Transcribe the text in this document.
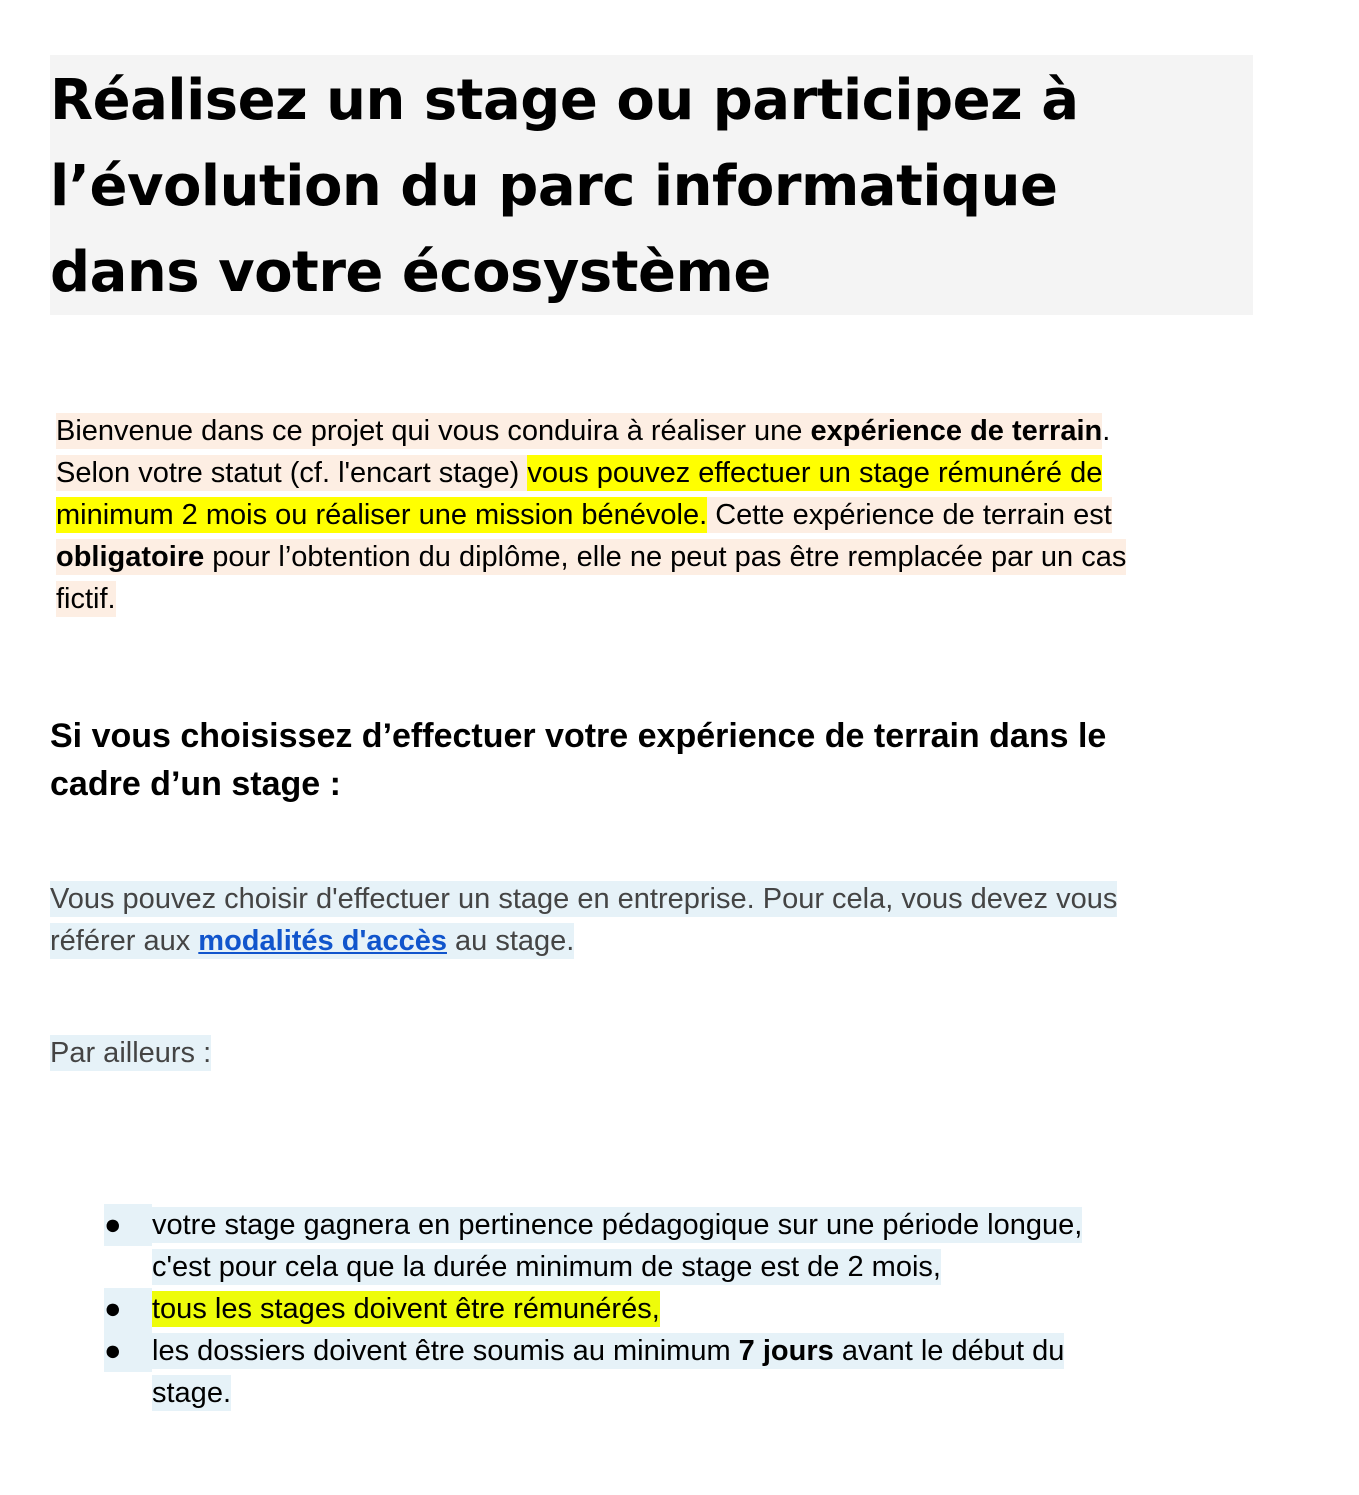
Réalisez un stage ou participez à
l’évolution du parc informatique
dans votre écosystème
Bienvenue dans ce projet qui vous conduira à réaliser une expérience de terrain.
Selon votre statut (cf. l'encart stage) vous pouvez effectuer un stage rémunéré de
minimum 2 mois ou réaliser une mission bénévole. Cette expérience de terrain est
obligatoire pour l’obtention du diplôme, elle ne peut pas être remplacée par un cas
fictif.
Si vous choisissez d’effectuer votre expérience de terrain dans le
cadre d’un stage :
Vous pouvez choisir d'effectuer un stage en entreprise. Pour cela, vous devez vous
référer aux modalités d'accès au stage.
Par ailleurs :
●	votre stage gagnera en pertinence pédagogique sur une période longue,
c'est pour cela que la durée minimum de stage est de 2 mois,
●	tous les stages doivent être rémunérés,
●	les dossiers doivent être soumis au minimum 7 jours avant le début du
stage.
